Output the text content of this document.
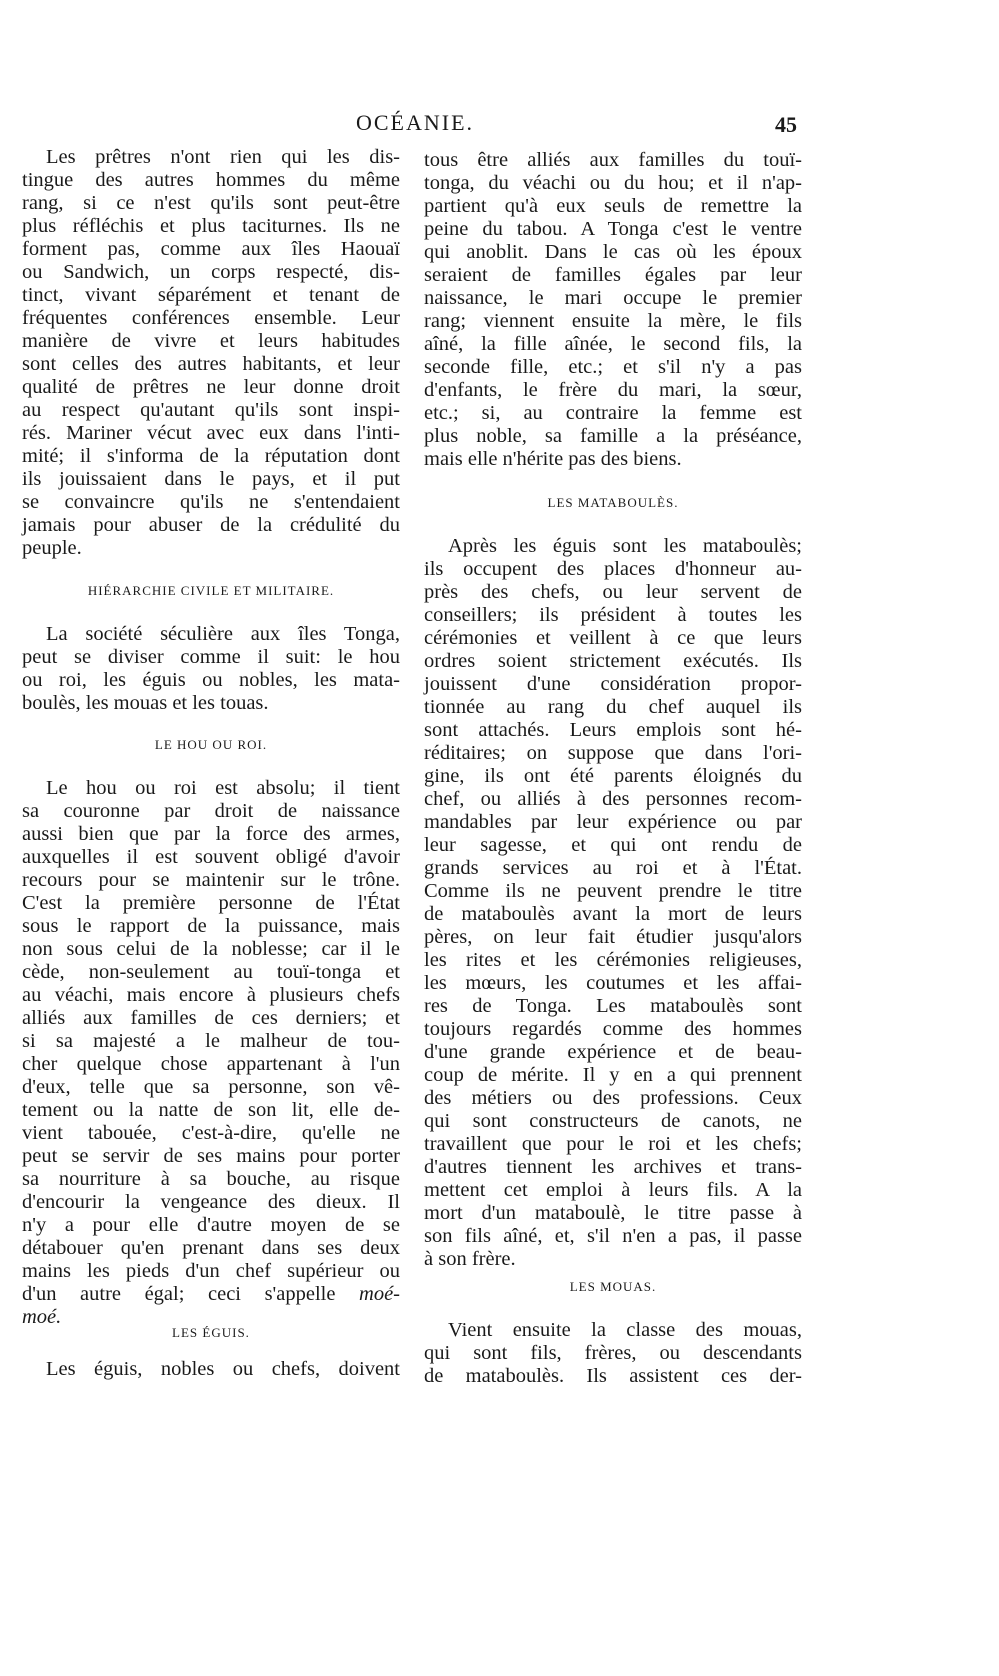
OCÉANIE.	45
Les prêtres n'ont rien qui les dis-
tingue des autres hommes du même
rang, si ce n'est qu'ils sont peut-être
plus réfléchis et plus taciturnes. Ils ne
forment pas, comme aux îles Haouaï
ou Sandwich, un corps respecté, dis-
tinct, vivant séparément et tenant de
fréquentes conférences ensemble. Leur
manière de vivre et leurs habitudes
sont celles des autres habitants, et leur
qualité de prêtres ne leur donne droit
au respect qu'autant qu'ils sont inspi-
rés. Mariner vécut avec eux dans l'inti-
mité; il s'informa de la réputation dont
ils jouissaient dans le pays, et il put
se convaincre qu'ils ne s'entendaient
jamais pour abuser de la crédulité du
peuple.
HIÉRARCHIE CIVILE ET MILITAIRE.
La société séculière aux îles Tonga,
peut se diviser comme il suit: le hou
ou roi, les éguis ou nobles, les mata-
boulès, les mouas et les touas.
LE HOU OU ROI.
Le hou ou roi est absolu; il tient
sa couronne par droit de naissance
aussi bien que par la force des armes,
auxquelles il est souvent obligé d'avoir
recours pour se maintenir sur le trône.
C'est la première personne de l'État
sous le rapport de la puissance, mais
non sous celui de la noblesse; car il le
cède, non-seulement au touï-tonga et
au véachi, mais encore à plusieurs chefs
alliés aux familles de ces derniers; et
si sa majesté a le malheur de tou-
cher quelque chose appartenant à l'un
d'eux, telle que sa personne, son vê-
tement ou la natte de son lit, elle de-
vient tabouée, c'est-à-dire, qu'elle ne
peut se servir de ses mains pour porter
sa nourriture à sa bouche, au risque
d'encourir la vengeance des dieux. Il
n'y a pour elle d'autre moyen de se
détabouer qu'en prenant dans ses deux
mains les pieds d'un chef supérieur ou
d'un autre égal; ceci s'appelle moé-
moé.
LES ÉGUIS.
Les éguis, nobles ou chefs, doivent
tous être alliés aux familles du touï-
tonga, du véachi ou du hou; et il n'ap-
partient qu'à eux seuls de remettre la
peine du tabou. A Tonga c'est le ventre
qui anoblit. Dans le cas où les époux
seraient de familles égales par leur
naissance, le mari occupe le premier
rang; viennent ensuite la mère, le fils
aîné, la fille aînée, le second fils, la
seconde fille, etc.; et s'il n'y a pas
d'enfants, le frère du mari, la sœur,
etc.; si, au contraire la femme est
plus noble, sa famille a la préséance,
mais elle n'hérite pas des biens.
LES MATABOULÈS.
Après les éguis sont les mataboulès;
ils occupent des places d'honneur au-
près des chefs, ou leur servent de
conseillers; ils président à toutes les
cérémonies et veillent à ce que leurs
ordres soient strictement exécutés. Ils
jouissent d'une considération propor-
tionnée au rang du chef auquel ils
sont attachés. Leurs emplois sont hé-
réditaires; on suppose que dans l'ori-
gine, ils ont été parents éloignés du
chef, ou alliés à des personnes recom-
mandables par leur expérience ou par
leur sagesse, et qui ont rendu de
grands services au roi et à l'État.
Comme ils ne peuvent prendre le titre
de mataboulès avant la mort de leurs
pères, on leur fait étudier jusqu'alors
les rites et les cérémonies religieuses,
les mœurs, les coutumes et les affai-
res de Tonga. Les mataboulès sont
toujours regardés comme des hommes
d'une grande expérience et de beau-
coup de mérite. Il y en a qui prennent
des métiers ou des professions. Ceux
qui sont constructeurs de canots, ne
travaillent que pour le roi et les chefs;
d'autres tiennent les archives et trans-
mettent cet emploi à leurs fils. A la
mort d'un mataboulè, le titre passe à
son fils aîné, et, s'il n'en a pas, il passe
à son frère.
LES MOUAS.
Vient ensuite la classe des mouas,
qui sont fils, frères, ou descendants
de mataboulès. Ils assistent ces der-
